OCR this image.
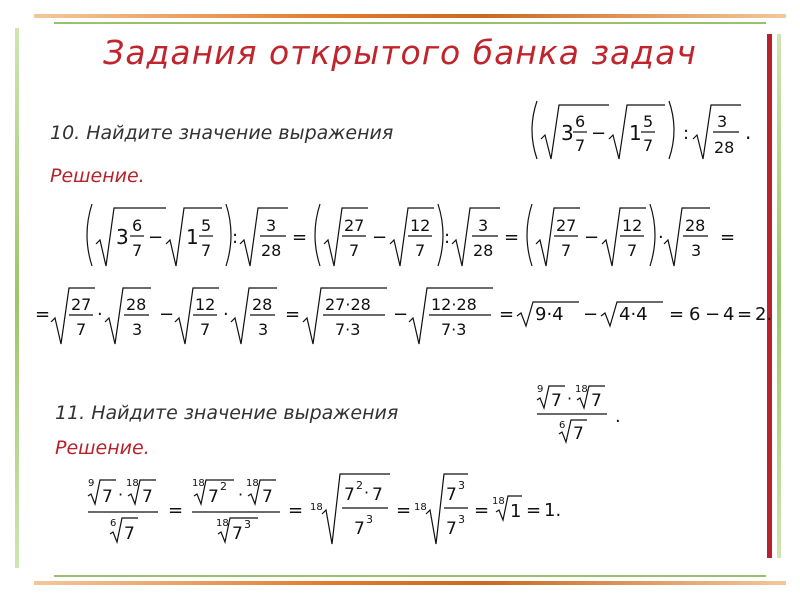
Задания открытого банка задач
10. Найдите значение выражения	3 6
7
− 1 5
7
:
3
28
.
Решение.
3 6
7
− 1 5
7
:
3
28
=
27
7
−
12
7
:
3
28
=
27
7
−
12
7
·
28
3
=
= 27
7
· 28
3
− 12
7
· 28
3
= 27·28
7·3
− 12·28
7·3
= 9·4 − 4·4 = 6 − 4 = 2.
11. Найдите значение выражения
9
7 · 18
7
6 7
.
Решение.
9
7 ·
18
7
6
7
=
18
7
2 ·
18
7
18
7 3
= 18
7 2 · 7
7 3 = 18
7 3
7 3 = 18 1 = 1.
